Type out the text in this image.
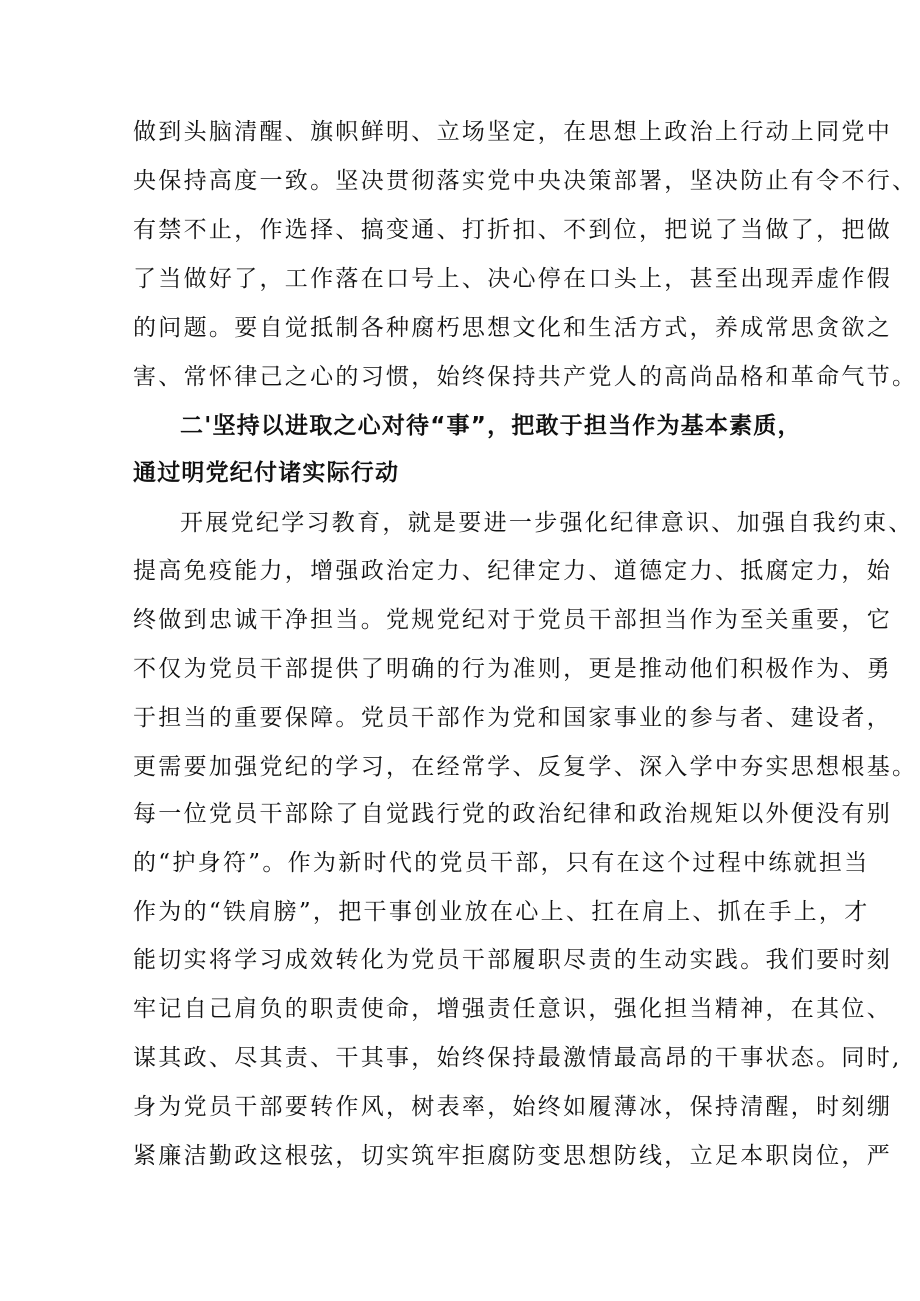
做到头脑清醒、旗帜鲜明、立场坚定，在思想上政治上行动上同党中
央保持高度一致。坚决贯彻落实党中央决策部署，坚决防止有令不行、
有禁不止，作选择、搞变通、打折扣、不到位，把说了当做了，把做
了当做好了，工作落在口号上、决心停在口头上，甚至出现弄虚作假
的问题。要自觉抵制各种腐朽思想文化和生活方式，养成常思贪欲之
害、常怀律己之心的习惯，始终保持共产党人的高尚品格和革命气节。
二'坚持以进取之心对待“事”，把敢于担当作为基本素质，
通过明党纪付诸实际行动
开展党纪学习教育，就是要进一步强化纪律意识、加强自我约束、
提高免疫能力，增强政治定力、纪律定力、道德定力、抵腐定力，始
终做到忠诚干净担当。党规党纪对于党员干部担当作为至关重要，它
不仅为党员干部提供了明确的行为准则，更是推动他们积极作为、勇
于担当的重要保障。党员干部作为党和国家事业的参与者、建设者，
更需要加强党纪的学习，在经常学、反复学、深入学中夯实思想根基。
每一位党员干部除了自觉践行党的政治纪律和政治规矩以外便没有别
的“护身符”。作为新时代的党员干部，只有在这个过程中练就担当
作为的“铁肩膀”，把干事创业放在心上、扛在肩上、抓在手上，才
能切实将学习成效转化为党员干部履职尽责的生动实践。我们要时刻
牢记自己肩负的职责使命，增强责任意识，强化担当精神，在其位、
谋其政、尽其责、干其事，始终保持最激情最高昂的干事状态。同时,
身为党员干部要转作风，树表率，始终如履薄冰，保持清醒，时刻绷
紧廉洁勤政这根弦，切实筑牢拒腐防变思想防线，立足本职岗位，严
